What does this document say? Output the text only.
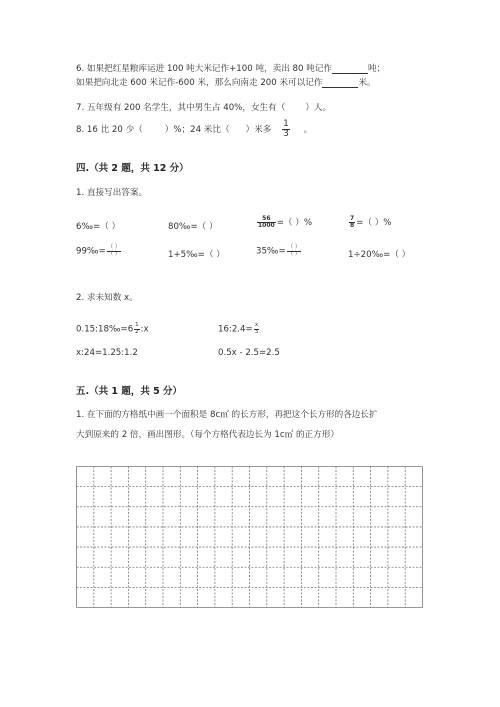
6. 如果把红星粮库运进 100 吨大米记作+100 吨，卖出 80 吨记作	吨；
如果把向北走 600 米记作-600 米，那么向南走 200 米可以记作	米。
7. 五年级有 200 名学生，其中男生占 40%，女生有（ ）人。
8. 16 比 20 少（	）%；24 米比（ ）米多 $\frac{1}{3}$ 。
四.（共 2 题，共 12 分）
1. 直接写出答案。
6‰=（ ）	80‰=（ ）	$\frac{56}{1000}$ =（ ）%	$\frac{7}{8}$ =（ ）%
99‰= $\frac{( )}{( )}$	1+5‰=（ ）	35‰= $\frac{( )}{( )}$	1÷20‰=（ ）
2. 求未知数 x。
0.15:18‰=6 $\frac{1}{2}$ :x	16:2.4= $\frac{x}{3}$
x:24=1.25:1.2	0.5x - 2.5=2.5
五.（共 1 题，共 5 分）
1. 在下面的方格纸中画一个面积是 8c㎡ 的长方形，再把这个长方形的各边长扩
大到原来的 2 倍，画出图形。（每个方格代表边长为 1c㎡ 的正方形）
